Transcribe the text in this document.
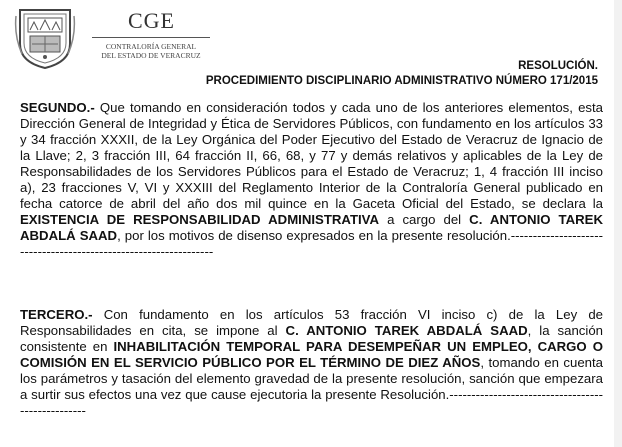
CGE
CONTRALORÍA GENERAL
DEL ESTADO DE VERACRUZ
RESOLUCIÓN.
PROCEDIMIENTO DISCIPLINARIO ADMINISTRATIVO NÚMERO 171/2015
SEGUNDO.- Que tomando en consideración todos y cada uno de los anteriores elementos, esta Dirección General de Integridad y Ética de Servidores Públicos, con fundamento en los artículos 33 y 34 fracción XXXII, de la Ley Orgánica del Poder Ejecutivo del Estado de Veracruz de Ignacio de la Llave; 2, 3 fracción III, 64 fracción II, 66, 68, y 77 y demás relativos y aplicables de la Ley de Responsabilidades de los Servidores Públicos para el Estado de Veracruz; 1, 4 fracción III inciso a), 23 fracciones V, VI y XXXIII del Reglamento Interior de la Contraloría General publicado en fecha catorce de abril del año dos mil quince en la Gaceta Oficial del Estado, se declara la EXISTENCIA DE RESPONSABILIDAD ADMINISTRATIVA a cargo del C. ANTONIO TAREK ABDALÁ SAAD, por los motivos de disenso expresados en la presente resolución.-----------------------------------------------------------------
TERCERO.- Con fundamento en los artículos 53 fracción VI inciso c) de la Ley de Responsabilidades en cita, se impone al C. ANTONIO TAREK ABDALÁ SAAD, la sanción consistente en INHABILITACIÓN TEMPORAL PARA DESEMPEÑAR UN EMPLEO, CARGO O COMISIÓN EN EL SERVICIO PÚBLICO POR EL TÉRMINO DE DIEZ AÑOS, tomando en cuenta los parámetros y tasación del elemento gravedad de la presente resolución, sanción que empezara a surtir sus efectos una vez que cause ejecutoria la presente Resolución.--------------------------------------------------
